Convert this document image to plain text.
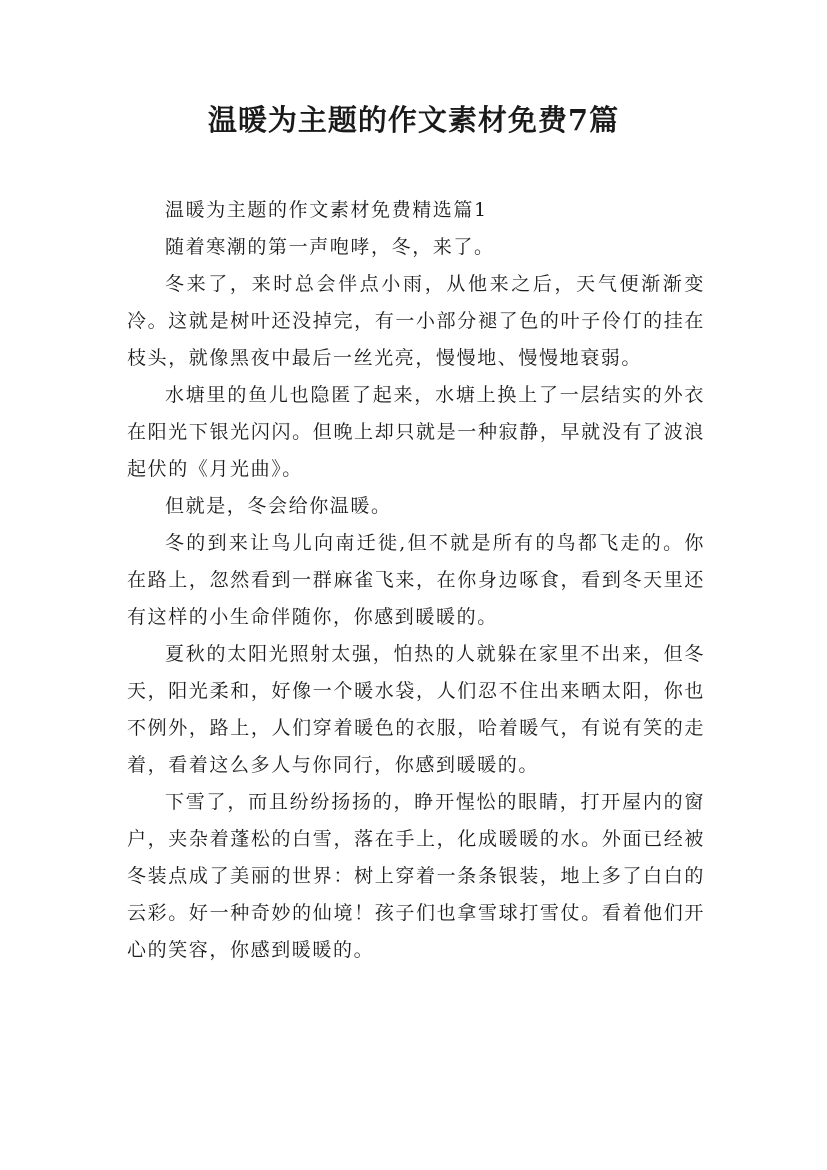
温暖为主题的作文素材免费7篇

温暖为主题的作文素材免费精选篇1

随着寒潮的第一声咆哮，冬，来了。

冬来了，来时总会伴点小雨，从他来之后，天气便渐渐变冷。这就是树叶还没掉完，有一小部分褪了色的叶子伶仃的挂在枝头，就像黑夜中最后一丝光亮，慢慢地、慢慢地衰弱。

水塘里的鱼儿也隐匿了起来，水塘上换上了一层结实的外衣在阳光下银光闪闪。但晚上却只就是一种寂静，早就没有了波浪起伏的《月光曲》。

但就是，冬会给你温暖。

冬的到来让鸟儿向南迁徙,但不就是所有的鸟都飞走的。你在路上，忽然看到一群麻雀飞来，在你身边啄食，看到冬天里还有这样的小生命伴随你，你感到暖暖的。

夏秋的太阳光照射太强，怕热的人就躲在家里不出来，但冬天，阳光柔和，好像一个暖水袋，人们忍不住出来晒太阳，你也不例外，路上，人们穿着暖色的衣服，哈着暖气，有说有笑的走着，看着这么多人与你同行，你感到暖暖的。

下雪了，而且纷纷扬扬的，睁开惺忪的眼睛，打开屋内的窗户，夹杂着蓬松的白雪，落在手上，化成暖暖的水。外面已经被冬装点成了美丽的世界：树上穿着一条条银装，地上多了白白的云彩。好一种奇妙的仙境！孩子们也拿雪球打雪仗。看着他们开心的笑容，你感到暖暖的。
